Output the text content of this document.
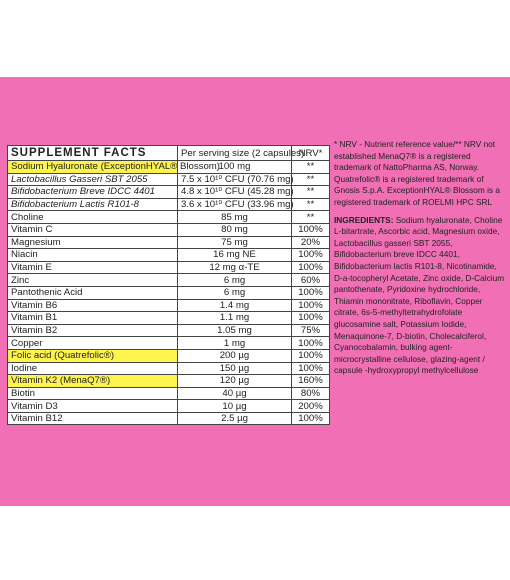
SUPPLEMENT FACTS	Per serving size (2 capsules)	NRV*
Sodium Hyaluronate (ExceptionHYAL® Blossom)	100 mg	**
Lactobacillus Gasseri SBT 2055	7.5 x 10¹⁰ CFU (70.76 mg)	**
Bifidobacterium Breve IDCC 4401	4.8 x 10¹⁰ CFU (45.28 mg)	**
Bifidobacterium Lactis R101-8	3.6 x 10¹⁰ CFU (33.96 mg)	**
Choline	85 mg	**
Vitamin C	80 mg	100%
Magnesium	75 mg	20%
Niacin	16 mg NE	100%
Vitamin E	12 mg α-TE	100%
Zinc	6 mg	60%
Pantothenic Acid	6 mg	100%
Vitamin B6	1.4 mg	100%
Vitamin B1	1.1 mg	100%
Vitamin B2	1.05 mg	75%
Copper	1 mg	100%
Folic acid (Quatrefolic®)	200 µg	100%
Iodine	150 µg	100%
Vitamin K2 (MenaQ7®)	120 µg	160%
Biotin	40 µg	80%
Vitamin D3	10 µg	200%
Vitamin B12	2.5 µg	100%

* NRV - Nutrient reference value/** NRV not established MenaQ7® is a registered trademark of NattoPharma AS, Norway. Quatrefolic® is a registered trademark of Gnosis S.p.A. ExceptionHYAL® Blossom is a registered trademark of ROELMI HPC SRL

INGREDIENTS: Sodium hyaluronate, Choline L-bitartrate, Ascorbic acid, Magnesium oxide, Lactobacillus gasseri SBT 2055, Bifidobacterium breve IDCC 4401, Bifidobacterium lactis R101-8, Nicotinamide, D-a-tocopheryl Acetate, Zinc oxide, D-Calcium pantothenate, Pyridoxine hydrochloride, Thiamin mononitrate, Riboflavin, Copper citrate, 6s-5-methyltetrahydrofolate glucosamine salt, Potassium Iodide, Menaquinone-7, D-biotin, Cholecalciferol, Cyanocobalamin, bulking agent- microcrystalline cellulose, glazing-agent / capsule -hydroxypropyl methylcellulose
